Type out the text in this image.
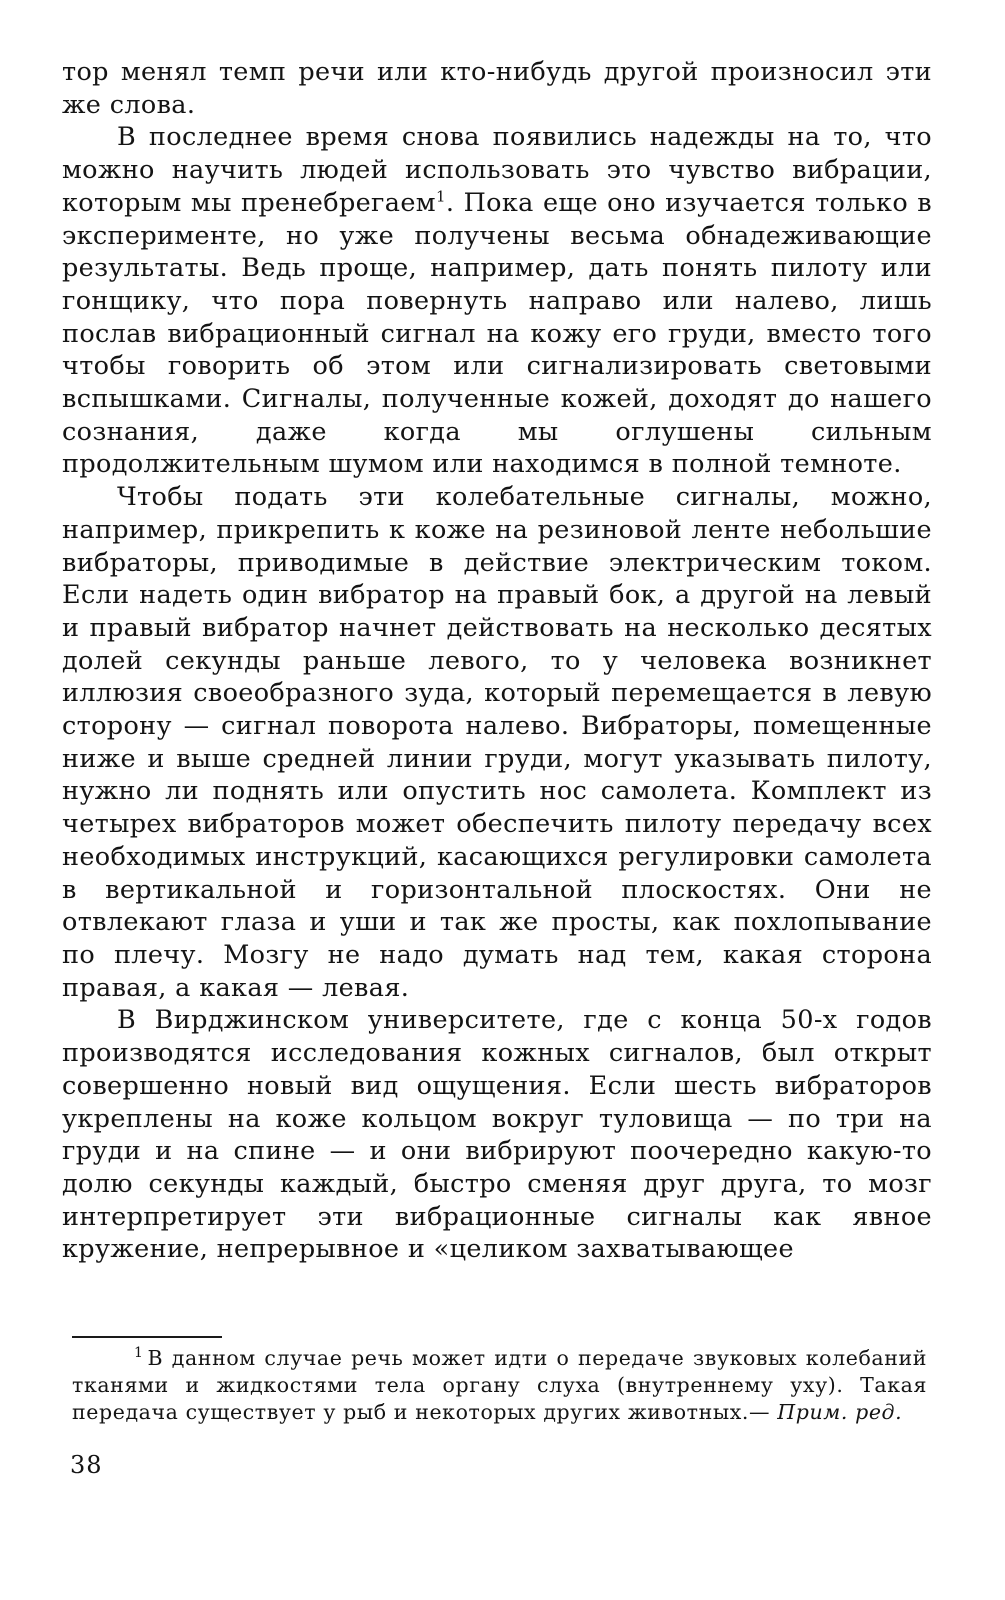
тор менял темп речи или кто-нибудь другой произносил эти же слова.

В последнее время снова появились надежды на то, что можно научить людей использовать это чувство вибрации, которым мы пренебрегаем$^1$. Пока еще оно изучается только в эксперименте, но уже получены весьма обнадеживающие результаты. Ведь проще, например, дать понять пилоту или гонщику, что пора повернуть направо или налево, лишь послав вибрационный сигнал на кожу его груди, вместо того чтобы говорить об этом или сигнализировать световыми вспышками. Сигналы, полученные кожей, доходят до нашего сознания, даже когда мы оглушены сильным продолжительным шумом или находимся в полной темноте.

Чтобы подать эти колебательные сигналы, можно, например, прикрепить к коже на резиновой ленте небольшие вибраторы, приводимые в действие электрическим током. Если надеть один вибратор на правый бок, а другой на левый и правый вибратор начнет действовать на несколько десятых долей секунды раньше левого, то у человека возникнет иллюзия своеобразного зуда, который перемещается в левую сторону — сигнал поворота налево. Вибраторы, помещенные ниже и выше средней линии груди, могут указывать пилоту, нужно ли поднять или опустить нос самолета. Комплект из четырех вибраторов может обеспечить пилоту передачу всех необходимых инструкций, касающихся регулировки самолета в вертикальной и горизонтальной плоскостях. Они не отвлекают глаза и уши и так же просты, как похлопывание по плечу. Мозгу не надо думать над тем, какая сторона правая, а какая — левая.

В Вирджинском университете, где с конца 50-х годов производятся исследования кожных сигналов, был открыт совершенно новый вид ощущения. Если шесть вибраторов укреплены на коже кольцом вокруг туловища — по три на груди и на спине — и они вибрируют поочередно какую-то долю секунды каждый, быстро сменяя друг друга, то мозг интерпретирует эти вибрационные сигналы как явное кружение, непрерывное и «целиком захватывающее

$^1$ В данном случае речь может идти о передаче звуковых колебаний тканями и жидкостями тела органу слуха (внутреннему уху). Такая передача существует у рыб и некоторых других животных.— Прим. ред.

38
